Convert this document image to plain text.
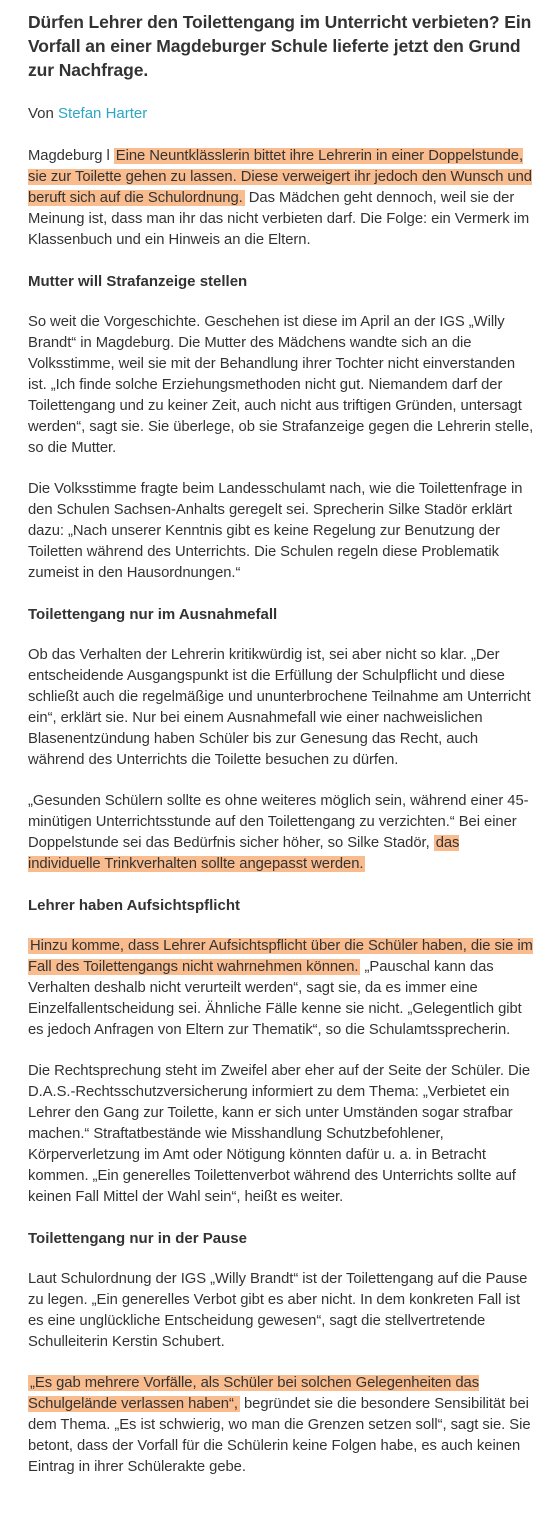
Dürfen Lehrer den Toilettengang im Unterricht verbieten? Ein Vorfall an einer Magdeburger Schule lieferte jetzt den Grund zur Nachfrage.
Von Stefan Harter

Magdeburg l Eine Neuntklässlerin bittet ihre Lehrerin in einer Doppelstunde, sie zur Toilette gehen zu lassen. Diese verweigert ihr jedoch den Wunsch und beruft sich auf die Schulordnung. Das Mädchen geht dennoch, weil sie der Meinung ist, dass man ihr das nicht verbieten darf. Die Folge: ein Vermerk im Klassenbuch und ein Hinweis an die Eltern.

Mutter will Strafanzeige stellen

So weit die Vorgeschichte. Geschehen ist diese im April an der IGS „Willy Brandt“ in Magdeburg. Die Mutter des Mädchens wandte sich an die Volksstimme, weil sie mit der Behandlung ihrer Tochter nicht einverstanden ist. „Ich finde solche Erziehungsmethoden nicht gut. Niemandem darf der Toilettengang und zu keiner Zeit, auch nicht aus triftigen Gründen, untersagt werden“, sagt sie. Sie überlege, ob sie Strafanzeige gegen die Lehrerin stelle, so die Mutter.

Die Volksstimme fragte beim Landesschulamt nach, wie die Toilettenfrage in den Schulen Sachsen-Anhalts geregelt sei. Sprecherin Silke Stadör erklärt dazu: „Nach unserer Kenntnis gibt es keine Regelung zur Benutzung der Toiletten während des Unterrichts. Die Schulen regeln diese Problematik zumeist in den Hausordnungen.“

Toilettengang nur im Ausnahmefall

Ob das Verhalten der Lehrerin kritikwürdig ist, sei aber nicht so klar. „Der entscheidende Ausgangspunkt ist die Erfüllung der Schulpflicht und diese schließt auch die regelmäßige und ununterbrochene Teilnahme am Unterricht ein“, erklärt sie. Nur bei einem Ausnahmefall wie einer nachweislichen Blasenentzündung haben Schüler bis zur Genesung das Recht, auch während des Unterrichts die Toilette besuchen zu dürfen.

„Gesunden Schülern sollte es ohne weiteres möglich sein, während einer 45-minütigen Unterrichtsstunde auf den Toilettengang zu verzichten.“ Bei einer Doppelstunde sei das Bedürfnis sicher höher, so Silke Stadör, das individuelle Trinkverhalten sollte angepasst werden.

Lehrer haben Aufsichtspflicht

Hinzu komme, dass Lehrer Aufsichtspflicht über die Schüler haben, die sie im Fall des Toilettengangs nicht wahrnehmen können. „Pauschal kann das Verhalten deshalb nicht verurteilt werden“, sagt sie, da es immer eine Einzelfallentscheidung sei. Ähnliche Fälle kenne sie nicht. „Gelegentlich gibt es jedoch Anfragen von Eltern zur Thematik“, so die Schulamtssprecherin.

Die Rechtsprechung steht im Zweifel aber eher auf der Seite der Schüler. Die D.A.S.-Rechtsschutzversicherung informiert zu dem Thema: „Verbietet ein Lehrer den Gang zur Toilette, kann er sich unter Umständen sogar strafbar machen.“ Straftatbestände wie Misshandlung Schutzbefohlener, Körperverletzung im Amt oder Nötigung könnten dafür u. a. in Betracht kommen. „Ein generelles Toilettenverbot während des Unterrichts sollte auf keinen Fall Mittel der Wahl sein“, heißt es weiter.

Toilettengang nur in der Pause

Laut Schulordnung der IGS „Willy Brandt“ ist der Toilettengang auf die Pause zu legen. „Ein generelles Verbot gibt es aber nicht. In dem konkreten Fall ist es eine unglückliche Entscheidung gewesen“, sagt die stellvertretende Schulleiterin Kerstin Schubert.

„Es gab mehrere Vorfälle, als Schüler bei solchen Gelegenheiten das Schulgelände verlassen haben“, begründet sie die besondere Sensibilität bei dem Thema. „Es ist schwierig, wo man die Grenzen setzen soll“, sagt sie. Sie betont, dass der Vorfall für die Schülerin keine Folgen habe, es auch keinen Eintrag in ihrer Schülerakte gebe.
